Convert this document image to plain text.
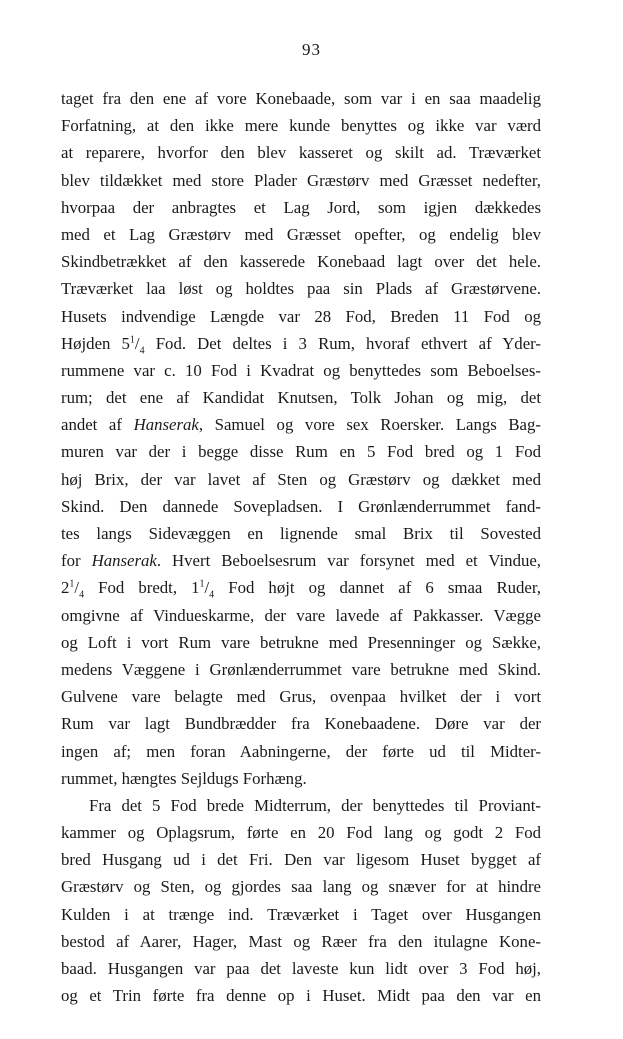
93
taget fra den ene af vore Konebaade, som var i en saa maadelig
Forfatning, at den ikke mere kunde benyttes og ikke var værd
at reparere, hvorfor den blev kasseret og skilt ad. Træværket
blev tildækket med store Plader Græstørv med Græsset nedefter,
hvorpaa der anbragtes et Lag Jord, som igjen dækkedes
med et Lag Græstørv med Græsset opefter, og endelig blev
Skindbetrækket af den kasserede Konebaad lagt over det hele.
Træværket laa løst og holdtes paa sin Plads af Græstørvene.
Husets indvendige Længde var 28 Fod, Breden 11 Fod og
Højden $5^1/_4$ Fod. Det deltes i 3 Rum, hvoraf ethvert af Yder-
rummene var c. 10 Fod i Kvadrat og benyttedes som Beboelses-
rum; det ene af Kandidat Knutsen, Tolk Johan og mig, det
andet af Hanserak, Samuel og vore sex Roersker. Langs Bag-
muren var der i begge disse Rum en 5 Fod bred og 1 Fod
høj Brix, der var lavet af Sten og Græstørv og dækket med
Skind. Den dannede Sovepladsen. I Grønlænderrummet fand-
tes langs Sidevæggen en lignende smal Brix til Sovested
for Hanserak. Hvert Beboelsesrum var forsynet med et Vindue,
$2^1/_4$ Fod bredt, $1^1/_4$ Fod højt og dannet af 6 smaa Ruder,
omgivne af Vindueskarme, der vare lavede af Pakkasser. Vægge
og Loft i vort Rum vare betrukne med Presenninger og Sække,
medens Væggene i Grønlænderrummet vare betrukne med Skind.
Gulvene vare belagte med Grus, ovenpaa hvilket der i vort
Rum var lagt Bundbrædder fra Konebaadene. Døre var der
ingen af; men foran Aabningerne, der førte ud til Midter-
rummet, hængtes Sejldugs Forhæng.
Fra det 5 Fod brede Midterrum, der benyttedes til Proviant-
kammer og Oplagsrum, førte en 20 Fod lang og godt 2 Fod
bred Husgang ud i det Fri. Den var ligesom Huset bygget af
Græstørv og Sten, og gjordes saa lang og snæver for at hindre
Kulden i at trænge ind. Træværket i Taget over Husgangen
bestod af Aarer, Hager, Mast og Ræer fra den itulagne Kone-
baad. Husgangen var paa det laveste kun lidt over 3 Fod høj,
og et Trin førte fra denne op i Huset. Midt paa den var en
